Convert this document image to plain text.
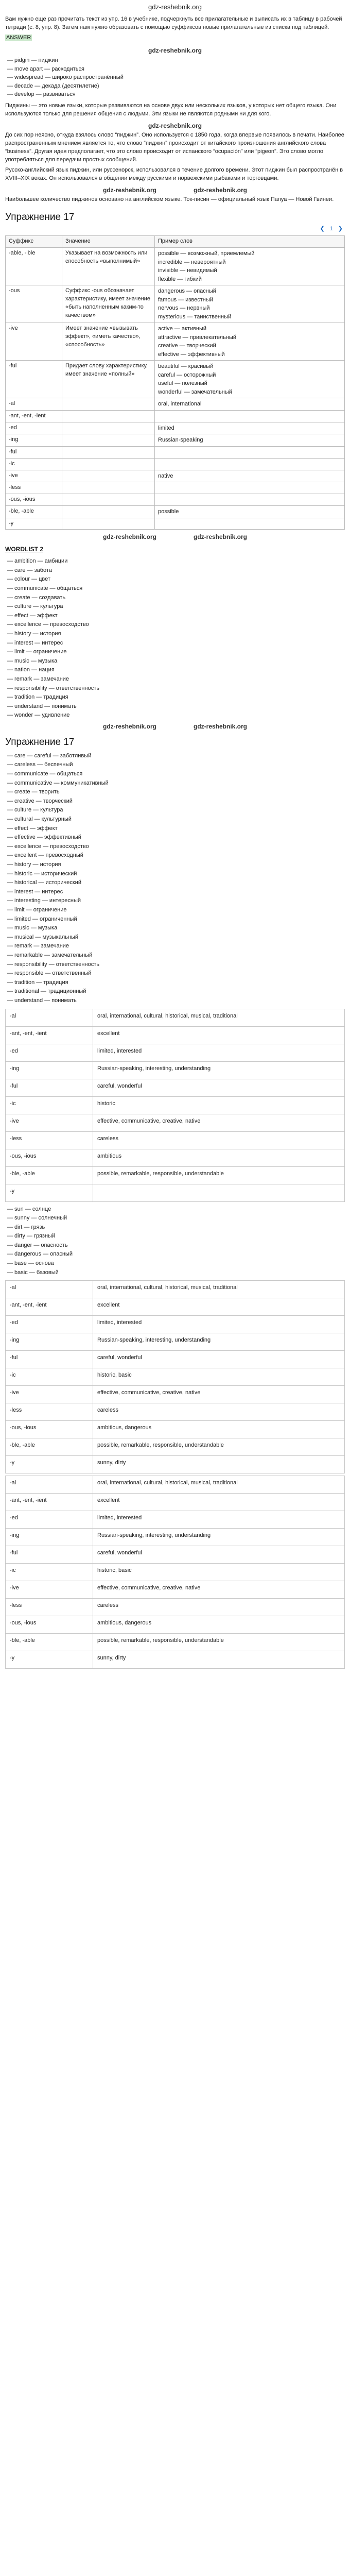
gdz-reshebnik.org

Вам нужно ещё раз прочитать текст из упр. 16 в учебнике, подчеркнуть все прилагательные и выписать их в таблицу в рабочей тетради (с. 8, упр. 8). Затем нам нужно образовать с помощью суффиксов новые прилагательные из списка под таблицей.

ANSWER

gdz-reshebnik.org
— pidgin — пиджин
— move apart — расходиться
— widespread — широко распространённый
— decade — декада (десятилетие)
— develop — развиваться

Пиджины — это новые языки, которые развиваются на основе двух или нескольких языков, у которых нет общего языка. Они используются только для решения общения с людьми. Эти языки не являются родными ни для кого.

gdz-reshebnik.org

До сих пор неясно, откуда взялось слово “пиджин”. Оно используется с 1850 года, когда впервые появилось в печати. Наиболее распространенным мнением является то, что слово “пиджин” происходит от китайского произношения английского слова “business”. Другая идея предполагает, что это слово происходит от испанского “ocupación” или “pigeon”. Это слово могло употребляться для передачи простых сообщений.

Русско-английский язык пиджин, или руссенорск, использовался в течение долгого времени. Этот пиджин был распространён в XVIII–XIX веках. Он использовался в общении между русскими и норвежскими рыбаками и торговцами.

gdz-reshebnik.org	gdz-reshebnik.org

Наибольшее количество пиджинов основано на английском языке. Ток-писин — официальный язык Папуа — Новой Гвинеи.

Упражнение 17
❮ 1 ❯
Суффикс	Значение	Пример слов
-able, -ible	Указывает на возможность или способность «выполнимый»	possible — возможный, приемлемый
incredible — невероятный
invisible — невидимый
flexible — гибкий

-ous	Суффикс -ous обозначает характеристику, имеет значение «быть наполненным каким-то качеством»	dangerous — опасный
famous — известный
nervous — нервный
mysterious — таинственный

-ive	Имеет значение «вызывать эффект», «иметь качество», «способность»	active — активный
attractive — привлекательный
creative — творческий
effective — эффективный

-ful	Придает слову характеристику, имеет значение «полный»	beautiful — красивый
careful — осторожный
useful — полезный
wonderful — замечательный

-al		oral, international

-ant, -ent, -ient		

-ed		limited

-ing		Russian-speaking

-ful		

-ic		

-ive		native

-less		

-ous, -ious		

-ble, -able		possible

-y		
gdz-reshebnik.org	gdz-reshebnik.org
WORDLIST 2
— ambition — амбиции
— care — забота
— colour — цвет
— communicate — общаться
— create — создавать
— culture — культура
— effect — эффект
— excellence — превосходство
— history — история
— interest — интерес
— limit — ограничение
— music — музыка
— nation — нация
— remark — замечание
— responsibility — ответственность
— tradition — традиция
— understand — понимать
— wonder — удивление
gdz-reshebnik.org	gdz-reshebnik.org
Упражнение 17
— care — careful — заботливый
— careless — беспечный
— communicate — общаться
— communicative — коммуникативный
— create — творить
— creative — творческий
— culture — культура
— cultural — культурный
— effect — эффект
— effective — эффективный
— excellence — превосходство
— excellent — превосходный
— history — история
— historic — исторический
— historical — исторический
— interest — интерес
— interesting — интересный
— limit — ограничение
— limited — ограниченный
— music — музыка
— musical — музыкальный
— remark — замечание
— remarkable — замечательный
— responsibility — ответственность
— responsible — ответственный
— tradition — традиция
— traditional — традиционный
— understand — понимать
-al	oral, international, cultural, historical, musical, traditional
-ant, -ent, -ient	excellent
-ed	limited, interested
-ing	Russian-speaking, interesting, understanding
-ful	careful, wonderful
-ic	historic
-ive	effective, communicative, creative, native
-less	careless
-ous, -ious	ambitious
-ble, -able	possible, remarkable, responsible, understandable
-y	
— sun — солнце
— sunny — солнечный
— dirt — грязь
— dirty — грязный
— danger — опасность
— dangerous — опасный
— base — основа
— basic — базовый
-al	oral, international, cultural, historical, musical, traditional
-ant, -ent, -ient	excellent
-ed	limited, interested
-ing	Russian-speaking, interesting, understanding
-ful	careful, wonderful
-ic	historic, basic
-ive	effective, communicative, creative, native
-less	careless
-ous, -ious	ambitious, dangerous
-ble, -able	possible, remarkable, responsible, understandable
-y	sunny, dirty
-al	oral, international, cultural, historical, musical, traditional
-ant, -ent, -ient	excellent
-ed	limited, interested
-ing	Russian-speaking, interesting, understanding
-ful	careful, wonderful
-ic	historic, basic
-ive	effective, communicative, creative, native
-less	careless
-ous, -ious	ambitious, dangerous
-ble, -able	possible, remarkable, responsible, understandable
-y	sunny, dirty
